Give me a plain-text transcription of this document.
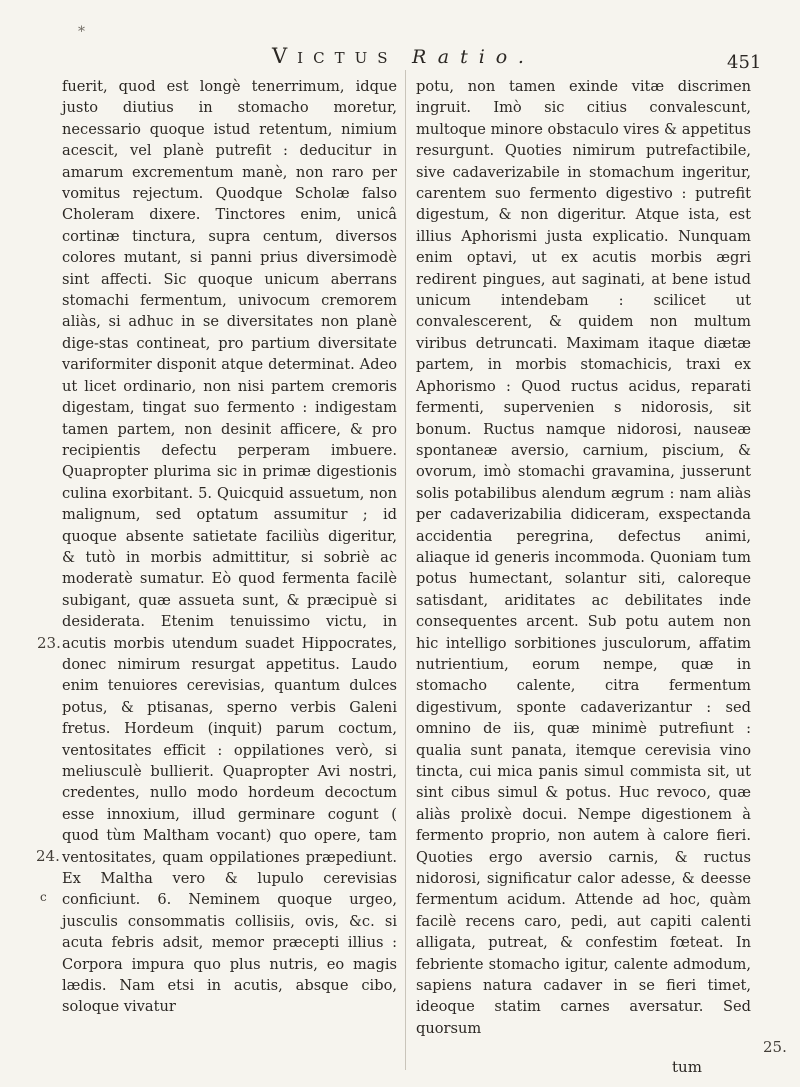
Victus Ratio.	451
*

fuerit, quod est longè tenerrimum, idque justo diutius in stomacho moretur, necessario quoque istud retentum, nimium acescit, vel planè putrefit : deducitur in amarum excrementum manè, non raro per vomitus rejectum. Quodque Scholæ falso Choleram dixere. Tinctores enim, unicâ cortinæ tinctura, supra centum, diversos colores mutant, si panni prius diversimodè sint affecti. Sic quoque unicum aberrans stomachi fermentum, univocum cremorem aliàs, si adhuc in se diversitates non planè dige-stas contineat, pro partium diversitate variformiter disponit atque determinat. Adeo ut licet ordinario, non nisi partem cremoris digestam, tingat suo fermento : indigestam tamen partem, non desinit afficere, & pro recipientis defectu perperam imbuere. Quapropter plurima sic in primæ digestionis culina exorbitant. 5. Quicquid assuetum, non malignum, sed optatum assumitur ; id quoque absente satietate faciliùs digeritur, & tutò in morbis admittitur, si sobriè ac moderatè sumatur. Eò quod fermenta facilè subigant, quæ assueta sunt, & præcipuè si desiderata. Etenim tenuissimo victu, in acutis morbis utendum suadet Hippocrates, donec nimirum resurgat appetitus. Laudo enim tenuiores cerevisias, quantum dulces potus, & ptisanas, sperno verbis Galeni fretus. Hordeum (inquit) parum coctum, ventositates efficit : oppilationes verò, si meliusculè bullierit. Quapropter Avi nostri, credentes, nullo modo hordeum decoctum esse innoxium, illud germinare cogunt ( quod tùm Maltham vocant) quo opere, tam ventositates, quam oppilationes præpediunt. Ex Maltha vero & lupulo cerevisias conficiunt. 6. Neminem quoque urgeo, jusculis consommatis collisiis, ovis, &c. si acuta febris adsit, memor præcepti illius : Corpora impura quo plus nutris, eo magis lædis. Nam etsi in acutis, absque cibo, soloque vivatur

potu, non tamen exinde vitæ discrimen ingruit. Imò sic citius convalescunt, multoque minore obstaculo vires & appetitus resurgunt. Quoties nimirum putrefactibile, sive cadaverizabile in stomachum ingeritur, carentem suo fermento digestivo : putrefit digestum, & non digeritur. Atque ista, est illius Aphorismi justa explicatio. Nunquam enim optavi, ut ex acutis morbis ægri redirent pingues, aut saginati, at bene istud unicum intendebam : scilicet ut convalescerent, & quidem non multum viribus detruncati. Maximam itaque diætæ partem, in morbis stomachicis, traxi ex Aphorismo : Quod ructus acidus, reparati fermenti, supervenien s nidorosis, sit bonum. Ructus namque nidorosi, nauseæ spontaneæ aversio, carnium, piscium, & ovorum, imò stomachi gravamina, jusserunt solis potabilibus alendum ægrum : nam aliàs per cadaverizabilia didiceram, exspectanda accidentia peregrina, defectus animi, aliaque id generis incommoda. Quoniam tum potus humectant, solantur siti, caloreque satisdant, ariditates ac debilitates inde consequentes arcent. Sub potu autem non hic intelligo sorbitiones jusculorum, affatim nutrientium, eorum nempe, quæ in stomacho calente, citra fermentum digestivum, sponte cadaverizantur : sed omnino de iis, quæ minimè putrefiunt : qualia sunt panata, itemque cerevisia vino tincta, cui mica panis simul commista sit, ut sint cibus simul & potus. Huc revoco, quæ aliàs prolixè docui. Nempe digestionem à fermento proprio, non autem à calore fieri. Quoties ergo aversio carnis, & ructus nidorosi, significatur calor adesse, & deesse fermentum acidum. Attende ad hoc, quàm facilè recens caro, pedi, aut capiti calenti alligata, putreat, & confestim fœteat. In febriente stomacho igitur, calente admodum, sapiens natura cadaver in se fieri timet, ideoque statim carnes aversatur. Sed quorsum

23.
24.
c
25.
tum
